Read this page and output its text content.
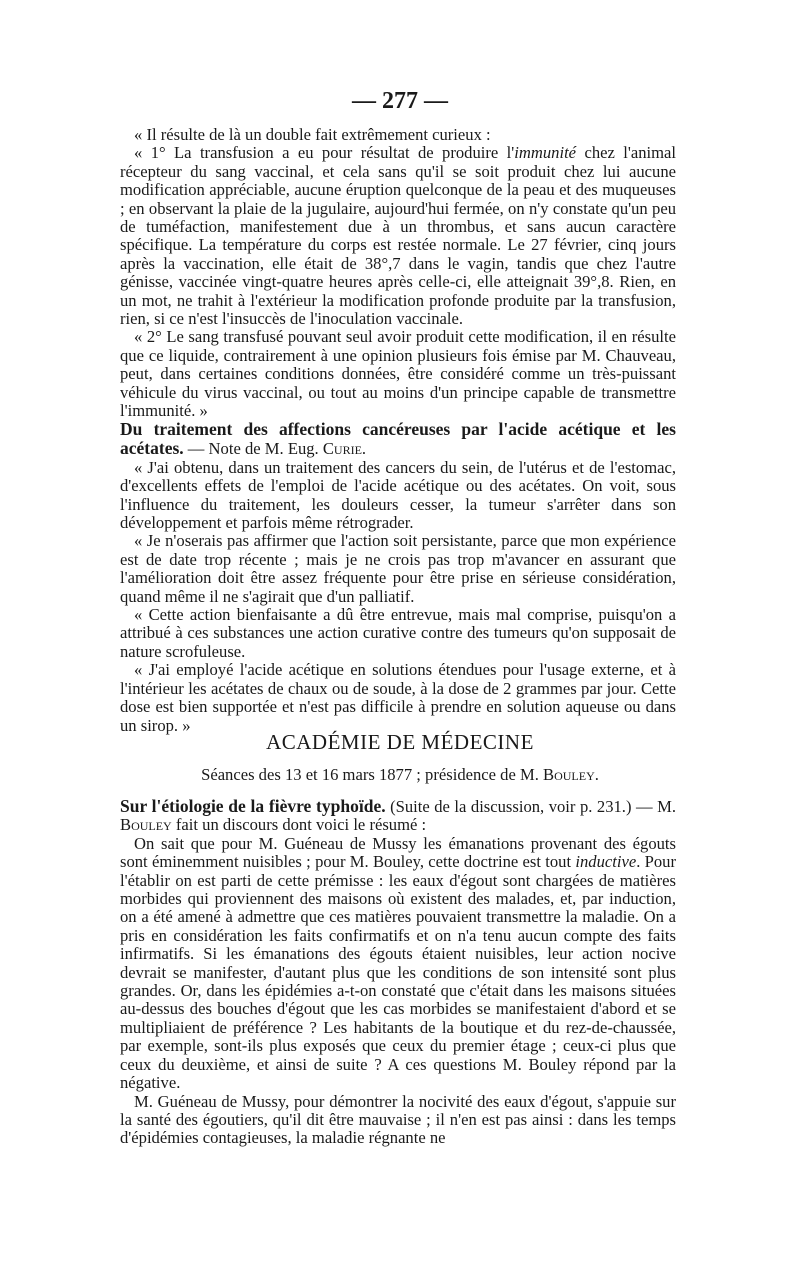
— 277 —

« Il résulte de là un double fait extrêmement curieux :

« 1° La transfusion a eu pour résultat de produire l'immunité chez l'animal récepteur du sang vaccinal, et cela sans qu'il se soit produit chez lui aucune modification appréciable, aucune éruption quelconque de la peau et des muqueuses ; en observant la plaie de la jugulaire, aujourd'hui fermée, on n'y constate qu'un peu de tuméfaction, manifestement due à un thrombus, et sans aucun caractère spécifique. La température du corps est restée normale. Le 27 février, cinq jours après la vaccination, elle était de 38°,7 dans le vagin, tandis que chez l'autre génisse, vaccinée vingt-quatre heures après celle-ci, elle atteignait 39°,8. Rien, en un mot, ne trahit à l'extérieur la modification profonde produite par la transfusion, rien, si ce n'est l'insuccès de l'inoculation vaccinale.

« 2° Le sang transfusé pouvant seul avoir produit cette modification, il en résulte que ce liquide, contrairement à une opinion plusieurs fois émise par M. Chauveau, peut, dans certaines conditions données, être considéré comme un très-puissant véhicule du virus vaccinal, ou tout au moins d'un principe capable de transmettre l'immunité. »

Du traitement des affections cancéreuses par l'acide acétique et les acétates. — Note de M. Eug. Curie.

« J'ai obtenu, dans un traitement des cancers du sein, de l'utérus et de l'estomac, d'excellents effets de l'emploi de l'acide acétique ou des acétates. On voit, sous l'influence du traitement, les douleurs cesser, la tumeur s'arrêter dans son développement et parfois même rétrograder.

« Je n'oserais pas affirmer que l'action soit persistante, parce que mon expérience est de date trop récente ; mais je ne crois pas trop m'avancer en assurant que l'amélioration doit être assez fréquente pour être prise en sérieuse considération, quand même il ne s'agirait que d'un palliatif.

« Cette action bienfaisante a dû être entrevue, mais mal comprise, puisqu'on a attribué à ces substances une action curative contre des tumeurs qu'on supposait de nature scrofuleuse.

« J'ai employé l'acide acétique en solutions étendues pour l'usage externe, et à l'intérieur les acétates de chaux ou de soude, à la dose de 2 grammes par jour. Cette dose est bien supportée et n'est pas difficile à prendre en solution aqueuse ou dans un sirop. »

ACADÉMIE DE MÉDECINE
Séances des 13 et 16 mars 1877 ; présidence de M. Bouley.

Sur l'étiologie de la fièvre typhoïde. (Suite de la discussion, voir p. 231.) — M. Bouley fait un discours dont voici le résumé :

On sait que pour M. Guéneau de Mussy les émanations provenant des égouts sont éminemment nuisibles ; pour M. Bouley, cette doctrine est tout inductive. Pour l'établir on est parti de cette prémisse : les eaux d'égout sont chargées de matières morbides qui proviennent des maisons où existent des malades, et, par induction, on a été amené à admettre que ces matières pouvaient transmettre la maladie. On a pris en considération les faits confirmatifs et on n'a tenu aucun compte des faits infirmatifs. Si les émanations des égouts étaient nuisibles, leur action nocive devrait se manifester, d'autant plus que les conditions de son intensité sont plus grandes. Or, dans les épidémies a-t-on constaté que c'était dans les maisons situées au-dessus des bouches d'égout que les cas morbides se manifestaient d'abord et se multipliaient de préférence ? Les habitants de la boutique et du rez-de-chaussée, par exemple, sont-ils plus exposés que ceux du premier étage ; ceux-ci plus que ceux du deuxième, et ainsi de suite ? A ces questions M. Bouley répond par la négative.

M. Guéneau de Mussy, pour démontrer la nocivité des eaux d'égout, s'appuie sur la santé des égoutiers, qu'il dit être mauvaise ; il n'en est pas ainsi : dans les temps d'épidémies contagieuses, la maladie régnante ne
